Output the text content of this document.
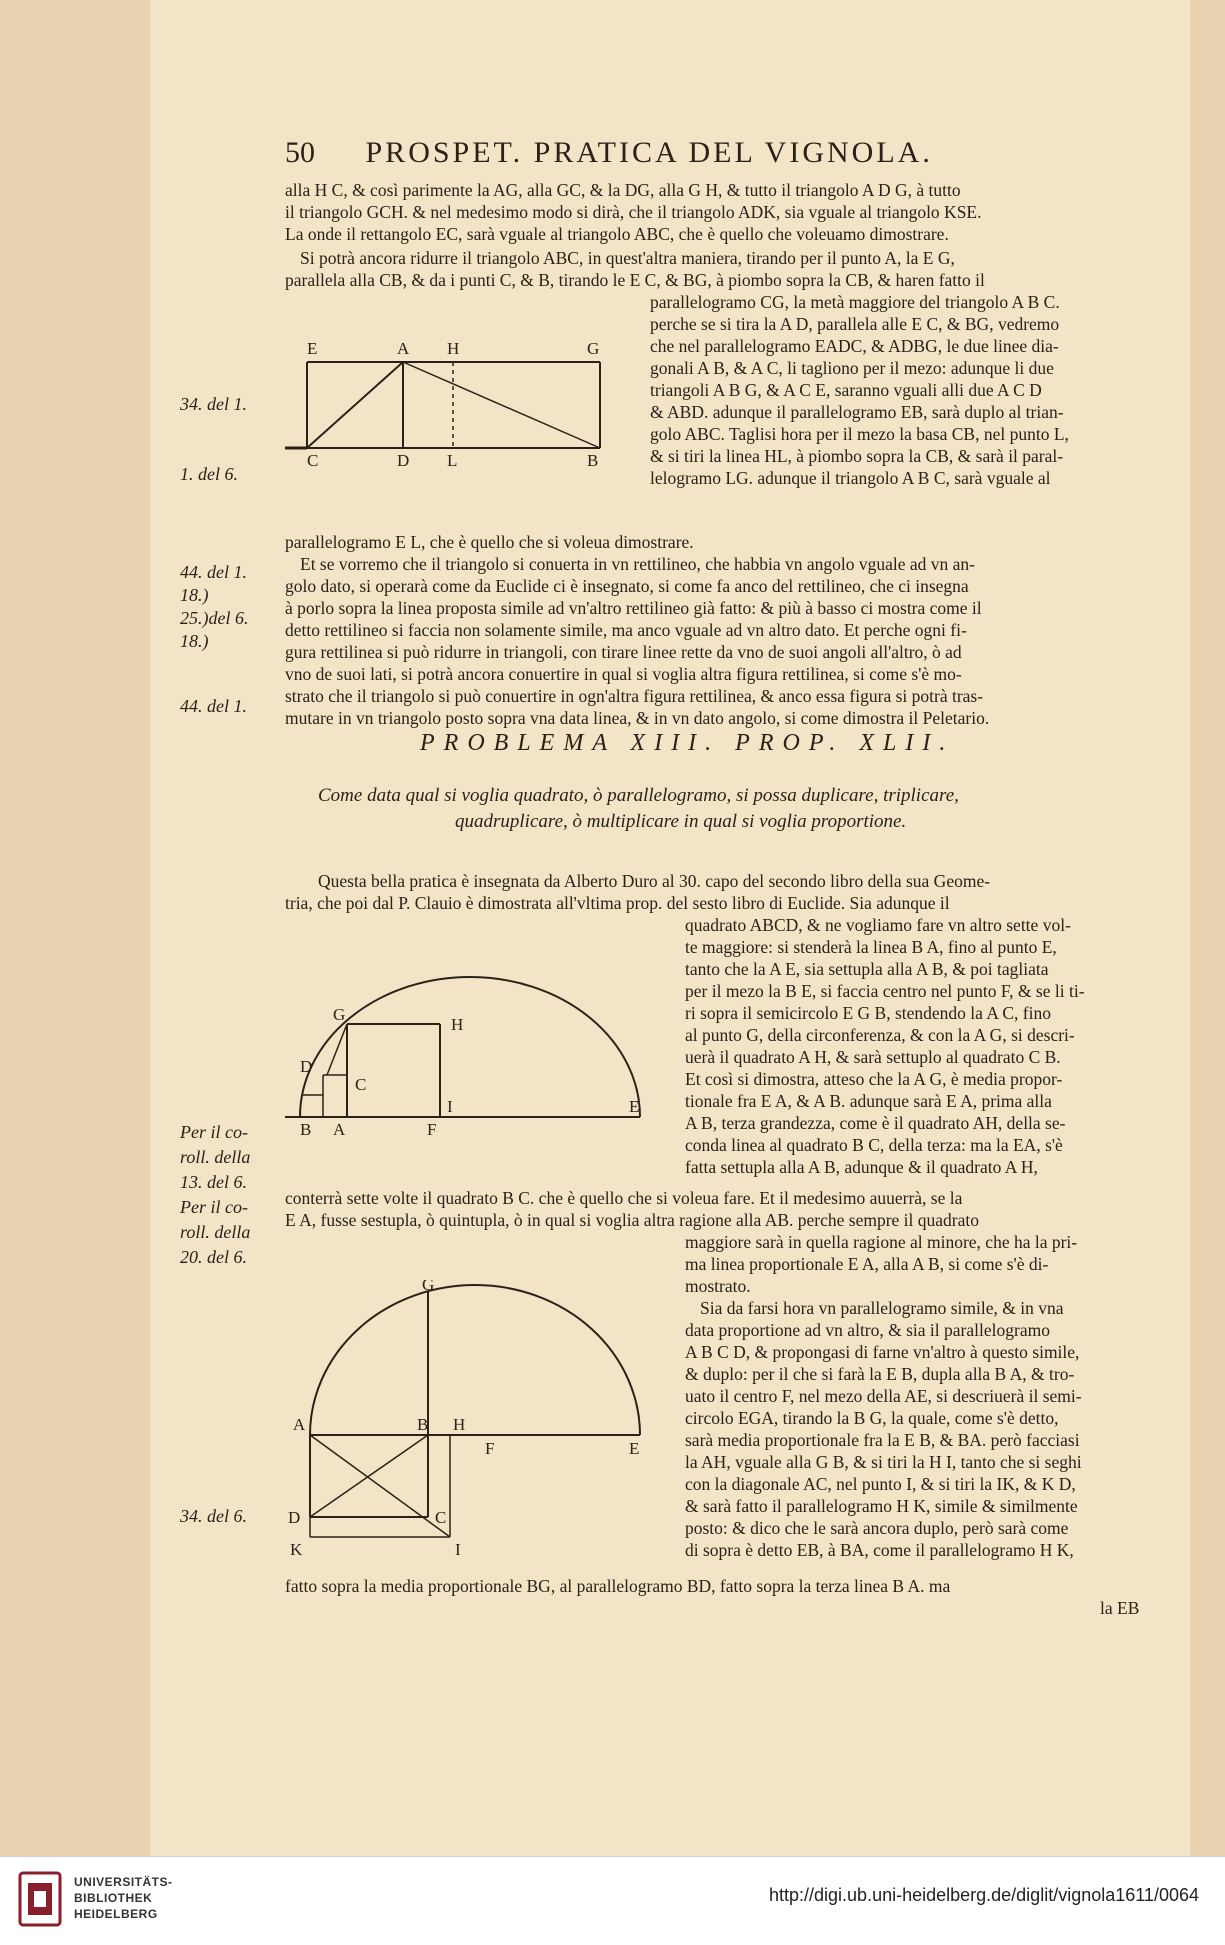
50 PROSPET. PRATICA DEL VIGNOLA.
alla H C, & così parimente la AG, alla GC, & la DG, alla G H, & tutto il triangolo A D G, à tutto
il triangolo GCH. & nel medesimo modo si dirà, che il triangolo ADK, sia vguale al triangolo KSE.
La onde il rettangolo EC, sarà vguale al triangolo ABC, che è quello che voleuamo dimostrare.
Si potrà ancora ridurre il triangolo ABC, in quest'altra maniera, tirando per il punto A, la E G,
parallela alla CB, & da i punti C, & B, tirando le E C, & BG, à piombo sopra la CB, & haren fatto il
parallelogramo CG, la metà maggiore del triangolo A B C.
perche se si tira la A D, parallela alle E C, & BG, vedremo
che nel parallelogramo EADC, & ADBG, le due linee dia-
gonali A B, & A C, li tagliono per il mezo: adunque li due
triangoli A B G, & A C E, saranno vguali alli due A C D
& ABD. adunque il parallelogramo EB, sarà duplo al trian-
golo ABC. Taglisi hora per il mezo la basa CB, nel punto L,
& si tiri la linea HL, à piombo sopra la CB, & sarà il paral-
lelogramo LG. adunque il triangolo A B C, sarà vguale al
parallelogramo E L, che è quello che si voleua dimostrare.
E	A H	G
C	D L	B
Et se vorremo che il triangolo si conuerta in vn rettilineo, che habbia vn angolo vguale ad vn an-
golo dato, si operarà come da Euclide ci è insegnato, si come fa anco del rettilineo, che ci insegna
à porlo sopra la linea proposta simile ad vn'altro rettilineo già fatto: & più à basso ci mostra come il
detto rettilineo si faccia non solamente simile, ma anco vguale ad vn altro dato. Et perche ogni fi-
gura rettilinea si può ridurre in triangoli, con tirare linee rette da vno de suoi angoli all'altro, ò ad
vno de suoi lati, si potrà ancora conuertire in qual si voglia altra figura rettilinea, si come s'è mo-
strato che il triangolo si può conuertire in ogn'altra figura rettilinea, & anco essa figura si potrà tras-
mutare in vn triangolo posto sopra vna data linea, & in vn dato angolo, si come dimostra il Peletario.
34. del 1.
1. del 6.
44. del 1.
18.)
25.)del 6.
18.)
44. del 1.
Per il co-
roll. della
13. del 6.
Per il co-
roll. della
20. del 6.
34. del 6.
PROBLEMA XIII. PROP. XLII.
Come data qual si voglia quadrato, ò parallelogramo, si possa duplicare, triplicare,
quadruplicare, ò multiplicare in qual si voglia proportione.
Questa bella pratica è insegnata da Alberto Duro al 30. capo del secondo libro della sua Geome-
tria, che poi dal P. Clauio è dimostrata all'vltima prop. del sesto libro di Euclide. Sia adunque il
quadrato ABCD, & ne vogliamo fare vn altro sette vol-
te maggiore: si stenderà la linea B A, fino al punto E,
tanto che la A E, sia settupla alla A B, & poi tagliata
per il mezo la B E, si faccia centro nel punto F, & se li ti-
ri sopra il semicircolo E G B, stendendo la A C, fino
al punto G, della circonferenza, & con la A G, si descri-
uerà il quadrato A H, & sarà settuplo al quadrato C B.
Et così si dimostra, atteso che la A G, è media propor-
tionale fra E A, & A B. adunque sarà E A, prima alla
A B, terza grandezza, come è il quadrato AH, della se-
conda linea al quadrato B C, della terza: ma la EA, s'è
fatta settupla alla A B, adunque & il quadrato A H,
conterrà sette volte il quadrato B C. che è quello che si voleua fare. Et il medesimo auuerrà, se la
E A, fusse sestupla, ò quintupla, ò in qual si voglia altra ragione alla AB. perche sempre il quadrato
maggiore sarà in quella ragione al minore, che ha la pri-
ma linea proportionale E A, alla A B, si come s'è di-
mostrato.
G
H
D
C
I	E
B A	F
Sia da farsi hora vn parallelogramo simile, & in vna
data proportione ad vn altro, & sia il parallelogramo
A B C D, & propongasi di farne vn'altro à questo simile,
& duplo: per il che si farà la E B, dupla alla B A, & tro-
uato il centro F, nel mezo della AE, si descriuerà il semi-
circolo EGA, tirando la B G, la quale, come s'è detto,
sarà media proportionale fra la E B, & BA. però facciasi
la AH, vguale alla G B, & si tiri la H I, tanto che si seghi
con la diagonale AC, nel punto I, & si tiri la IK, & K D,
& sarà fatto il parallelogramo H K, simile & similmente
posto: & dico che le sarà ancora duplo, però sarà come
di sopra è detto EB, à BA, come il parallelogramo H K,
fatto sopra la media proportionale BG, al parallelogramo BD, fatto sopra la terza linea B A. ma
la EB
G
A	B H
F	E
D	C
I
K
UNIVERSITÄTS-
BIBLIOTHEK
HEIDELBERG
http://digi.ub.uni-heidelberg.de/diglit/vignola1611/0064
